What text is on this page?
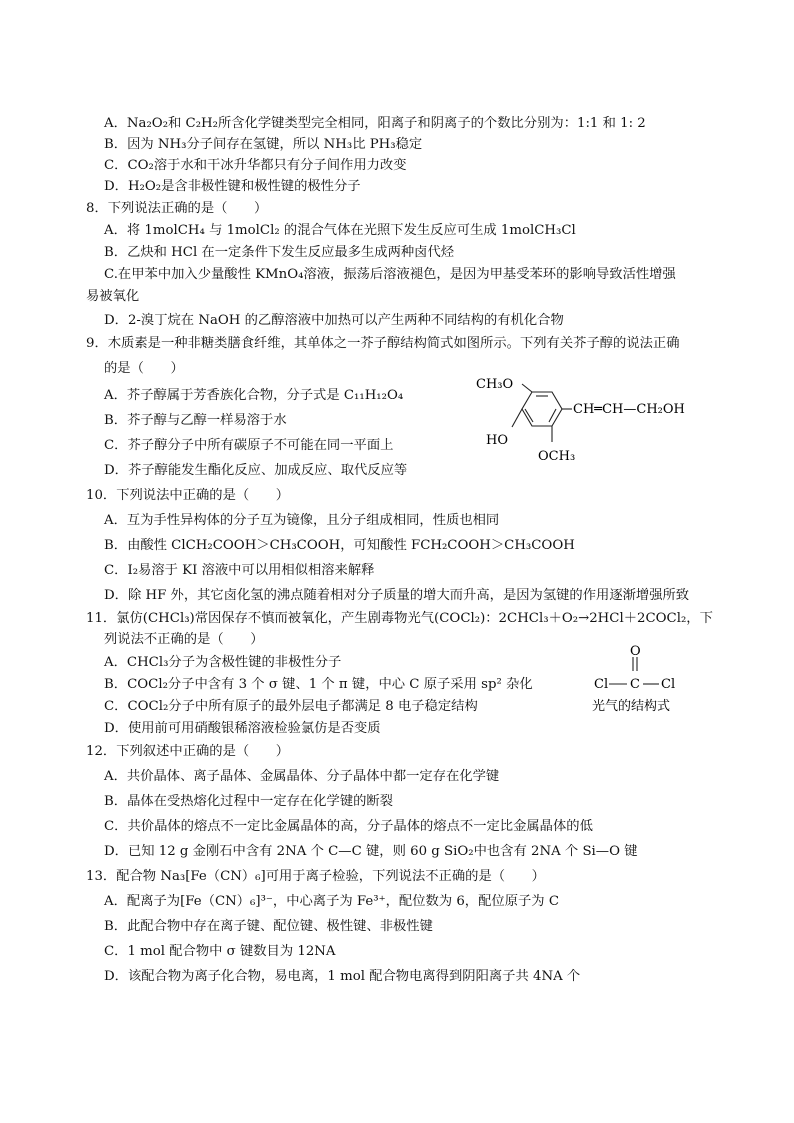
A．Na₂O₂和 C₂H₂所含化学键类型完全相同，阳离子和阴离子的个数比分别为：1:1 和 1: 2
B．因为 NH₃分子间存在氢键，所以 NH₃比 PH₃稳定
C．CO₂溶于水和干冰升华都只有分子间作用力改变
D．H₂O₂是含非极性键和极性键的极性分子
8．下列说法正确的是（　　）
A．将 1molCH₄ 与 1molCl₂ 的混合气体在光照下发生反应可生成 1molCH₃Cl
B．乙炔和 HCl 在一定条件下发生反应最多生成两种卤代烃
C.在甲苯中加入少量酸性 KMnO₄溶液，振荡后溶液褪色，是因为甲基受苯环的影响导致活性增强
易被氧化
D．2-溴丁烷在 NaOH 的乙醇溶液中加热可以产生两种不同结构的有机化合物
9．木质素是一种非糖类膳食纤维，其单体之一芥子醇结构简式如图所示。下列有关芥子醇的说法正确
的是（　　）
A．芥子醇属于芳香族化合物，分子式是 C₁₁H₁₂O₄
B．芥子醇与乙醇一样易溶于水
C．芥子醇分子中所有碳原子不可能在同一平面上
D．芥子醇能发生酯化反应、加成反应、取代反应等
CH₃O
CH═CH—CH₂OH
HO
OCH₃
10．下列说法中正确的是（　　）
A．互为手性异构体的分子互为镜像，且分子组成相同，性质也相同
B．由酸性 ClCH₂COOH＞CH₃COOH，可知酸性 FCH₂COOH＞CH₃COOH
C．I₂易溶于 KI 溶液中可以用相似相溶来解释
D．除 HF 外，其它卤化氢的沸点随着相对分子质量的增大而升高，是因为氢键的作用逐渐增强所致
11．氯仿(CHCl₃)常因保存不慎而被氧化，产生剧毒物光气(COCl₂)：2CHCl₃＋O₂→2HCl＋2COCl₂，下
列说法不正确的是（　　）
A．CHCl₃分子为含极性键的非极性分子
B．COCl₂分子中含有 3 个 σ 键、1 个 π 键，中心 C 原子采用 sp² 杂化
C．COCl₂分子中所有原子的最外层电子都满足 8 电子稳定结构
D．使用前可用硝酸银稀溶液检验氯仿是否变质
O
Cl C Cl
光气的结构式
12．下列叙述中正确的是（　　）
A．共价晶体、离子晶体、金属晶体、分子晶体中都一定存在化学键
B．晶体在受热熔化过程中一定存在化学键的断裂
C．共价晶体的熔点不一定比金属晶体的高，分子晶体的熔点不一定比金属晶体的低
D．已知 12 g 金刚石中含有 2NA 个 C—C 键，则 60 g SiO₂中也含有 2NA 个 Si—O 键
13．配合物 Na₃[Fe（CN）₆]可用于离子检验，下列说法不正确的是（　　）
A．配离子为[Fe（CN）₆]³⁻，中心离子为 Fe³⁺，配位数为 6，配位原子为 C
B．此配合物中存在离子键、配位键、极性键、非极性键
C．1 mol 配合物中 σ 键数目为 12NA
D．该配合物为离子化合物，易电离，1 mol 配合物电离得到阴阳离子共 4NA 个
